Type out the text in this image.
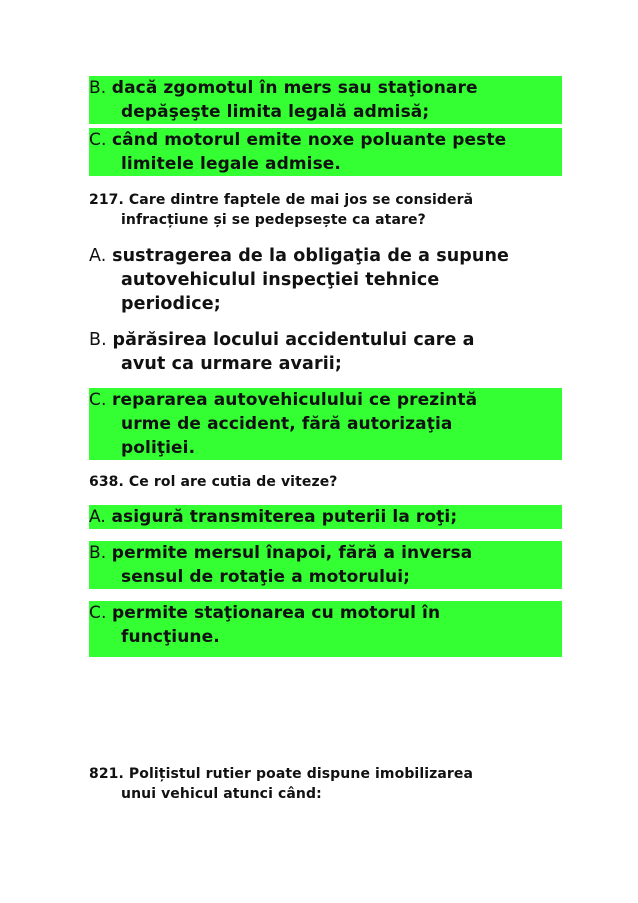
B. dacă zgomotul în mers sau staţionare
depăşeşte limita legală admisă;
C. când motorul emite noxe poluante peste
limitele legale admise.
217. Care dintre faptele de mai jos se consideră
infracțiune și se pedepsește ca atare?
A. sustragerea de la obligaţia de a supune
autovehiculul inspecţiei tehnice
periodice;
B. părăsirea locului accidentului care a
avut ca urmare avarii;
C. repararea autovehiculului ce prezintă
urme de accident, fără autorizaţia
poliţiei.
638. Ce rol are cutia de viteze?
A. asigură transmiterea puterii la roţi;
B. permite mersul înapoi, fără a inversa
sensul de rotaţie a motorului;
C. permite staţionarea cu motorul în
funcţiune.
821. Polițistul rutier poate dispune imobilizarea
unui vehicul atunci când:
